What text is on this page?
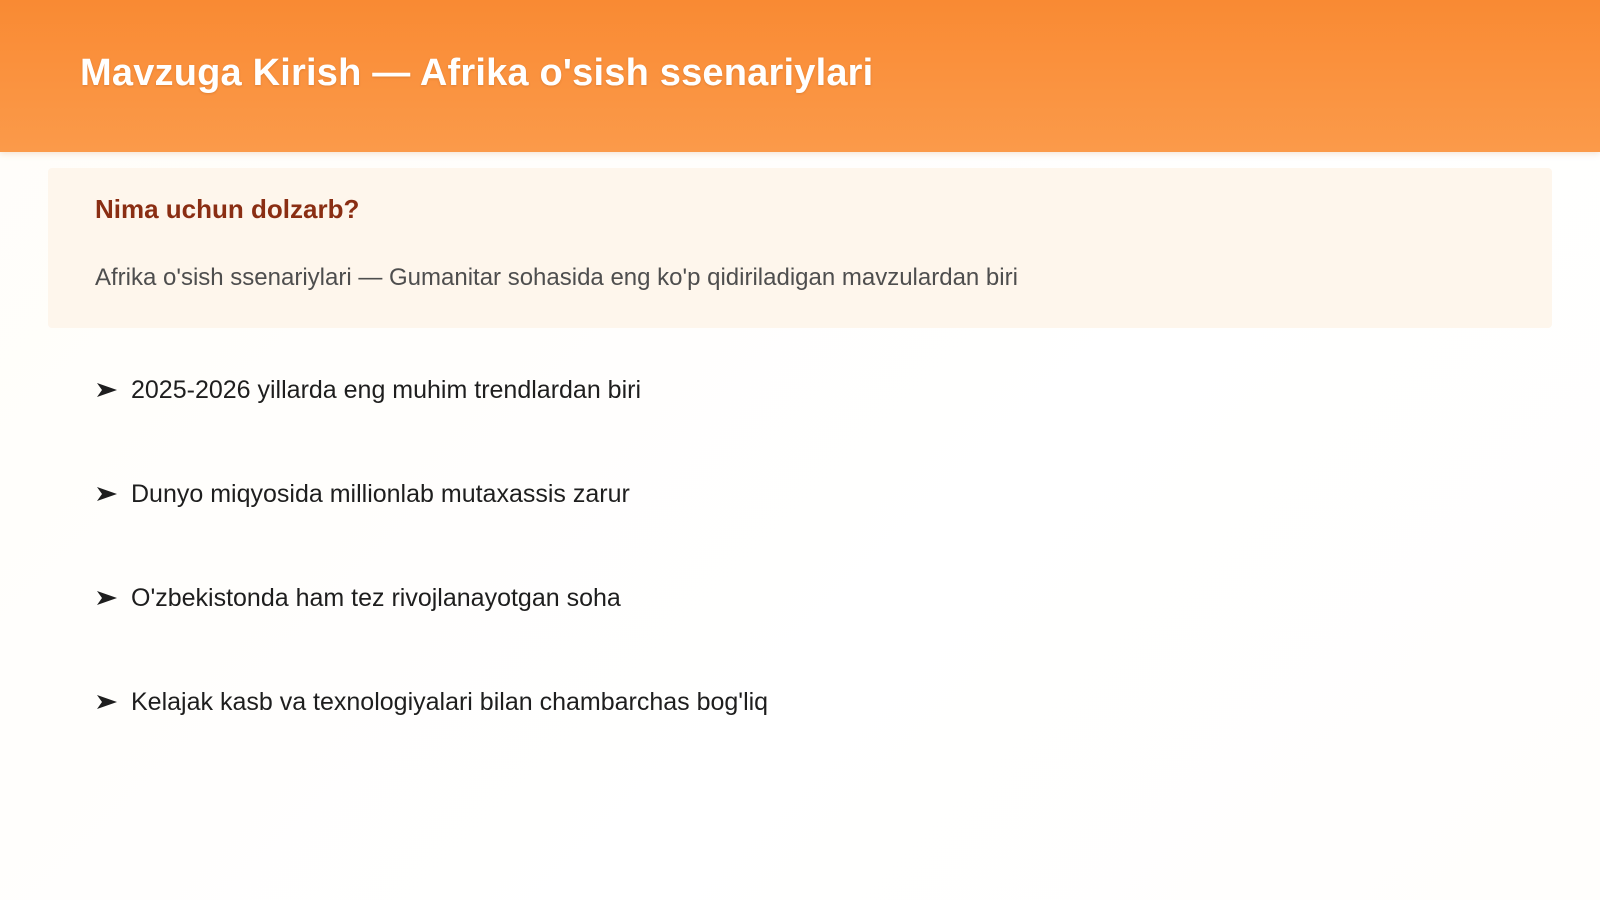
Mavzuga Kirish — Afrika o'sish ssenariylari
Nima uchun dolzarb?

Afrika o'sish ssenariylari — Gumanitar sohasida eng ko'p qidiriladigan mavzulardan biri

2025-2026 yillarda eng muhim trendlardan biri
Dunyo miqyosida millionlab mutaxassis zarur
O'zbekistonda ham tez rivojlanayotgan soha
Kelajak kasb va texnologiyalari bilan chambarchas bog'liq
